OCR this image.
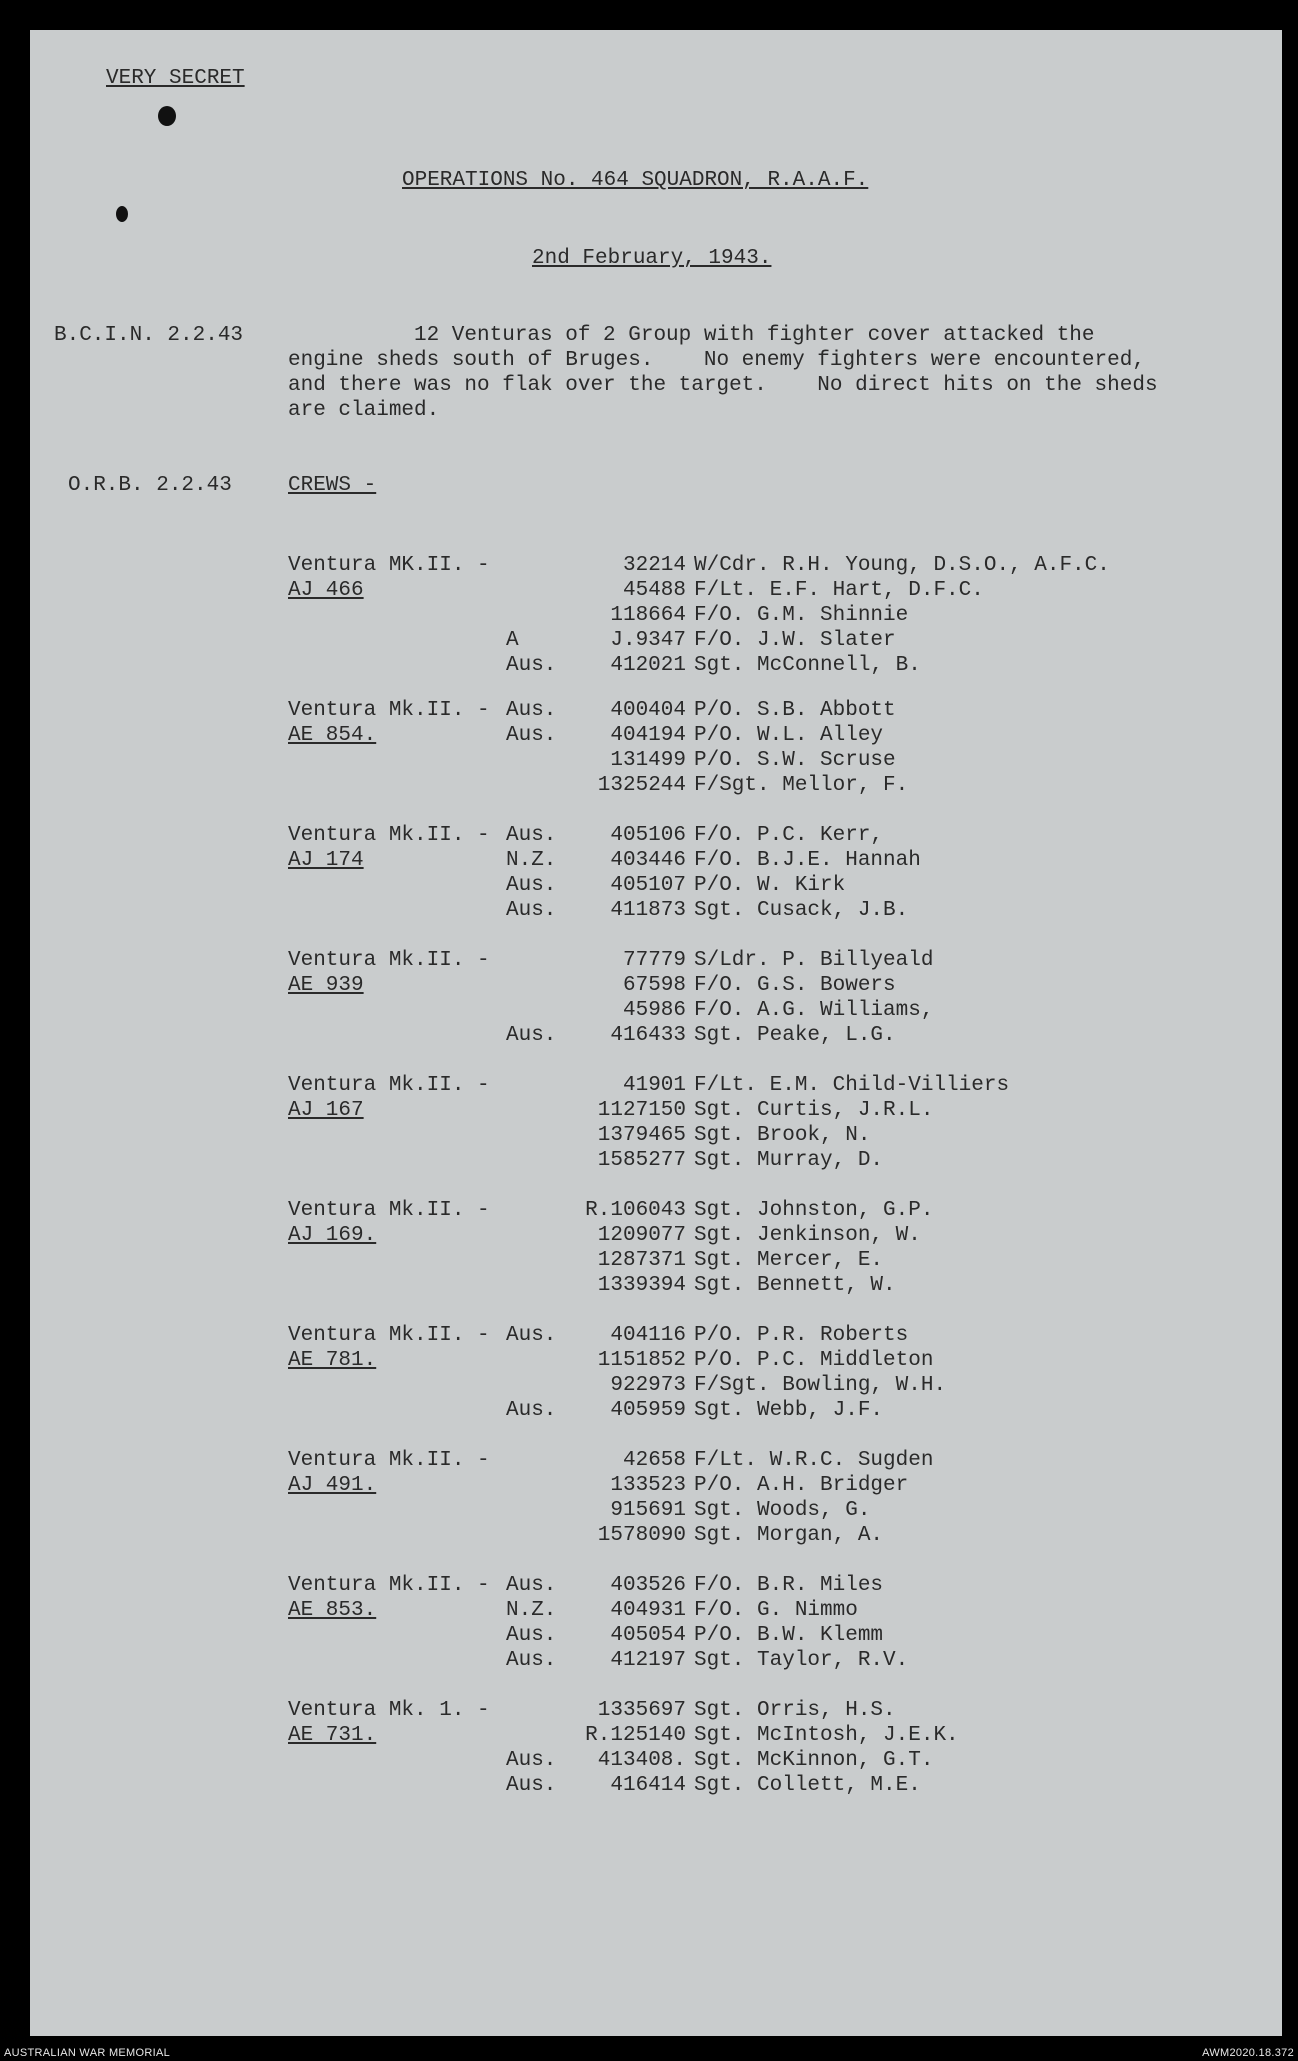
VERY SECRET
OPERATIONS No. 464 SQUADRON, R.A.A.F.
2nd February, 1943.
B.C.I.N. 2.2.43	12 Venturas of 2 Group with fighter cover attacked the
engine sheds south of Bruges.    No enemy fighters were encountered,
and there was no flak over the target.    No direct hits on the sheds
are claimed.
O.R.B. 2.2.43	CREWS -
Ventura MK.II. -
AJ 466
32214 W/Cdr. R.H. Young, D.S.O., A.F.C.
45488 F/Lt. E.F. Hart, D.F.C.
118664 F/O. G.M. Shinnie
A	J.9347 F/O. J.W. Slater
Aus.	412021 Sgt. McConnell, B.
Ventura Mk.II. -
AE 854.
Aus.	400404 P/O. S.B. Abbott
Aus.	404194 P/O. W.L. Alley
131499 P/O. S.W. Scruse
1325244 F/Sgt. Mellor, F.
Ventura Mk.II. -
AJ 174
Aus.	405106 F/O. P.C. Kerr,
N.Z.	403446 F/O. B.J.E. Hannah
Aus.	405107 P/O. W. Kirk
Aus.	411873 Sgt. Cusack, J.B.
Ventura Mk.II. -
AE 939
77779 S/Ldr. P. Billyeald
67598 F/O. G.S. Bowers
45986 F/O. A.G. Williams,
Aus.	416433 Sgt. Peake, L.G.
Ventura Mk.II. -
AJ 167
41901 F/Lt. E.M. Child-Villiers
1127150 Sgt. Curtis, J.R.L.
1379465 Sgt. Brook, N.
1585277 Sgt. Murray, D.
Ventura Mk.II. -
AJ 169.
R.106043 Sgt. Johnston, G.P.
1209077 Sgt. Jenkinson, W.
1287371 Sgt. Mercer, E.
1339394 Sgt. Bennett, W.
Ventura Mk.II. -
AE 781.
Aus.	404116 P/O. P.R. Roberts
1151852 P/O. P.C. Middleton
922973 F/Sgt. Bowling, W.H.
Aus.	405959 Sgt. Webb, J.F.
Ventura Mk.II. -
AJ 491.
42658 F/Lt. W.R.C. Sugden
133523 P/O. A.H. Bridger
915691 Sgt. Woods, G.
1578090 Sgt. Morgan, A.
Ventura Mk.II. -
AE 853.
Aus.	403526 F/O. B.R. Miles
N.Z.	404931 F/O. G. Nimmo
Aus.	405054 P/O. B.W. Klemm
Aus.	412197 Sgt. Taylor, R.V.
Ventura Mk. 1. -
AE 731.
1335697 Sgt. Orris, H.S.
R.125140 Sgt. McIntosh, J.E.K.
Aus. 413408. Sgt. McKinnon, G.T.
Aus.	416414 Sgt. Collett, M.E.
AUSTRALIAN WAR MEMORIAL	AWM2020.18.372
